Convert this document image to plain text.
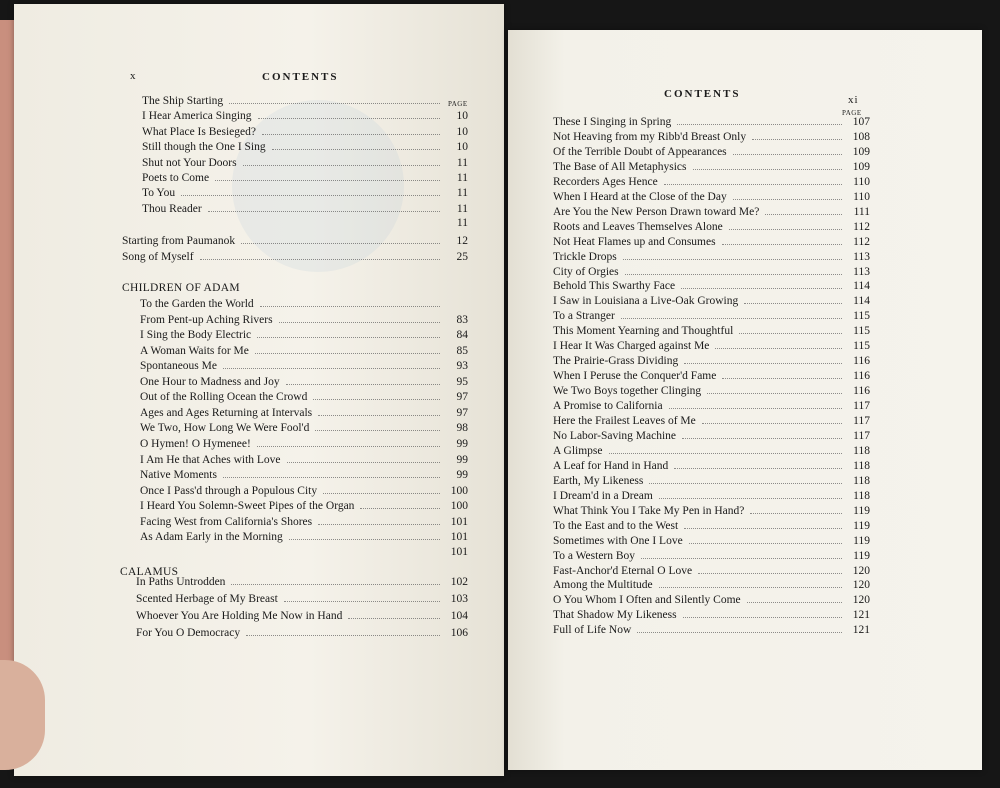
x	CONTENTS
PAGE
The Ship Starting
I Hear America Singing	10
What Place Is Besieged?	10
Still though the One I Sing	10
Shut not Your Doors	11
Poets to Come	11
To You	11
Thou Reader	11
11
Starting from Paumanok	12
Song of Myself	25
CHILDREN OF ADAM
To the Garden the World
From Pent-up Aching Rivers	83
I Sing the Body Electric	84
A Woman Waits for Me	85
Spontaneous Me	93
One Hour to Madness and Joy	95
Out of the Rolling Ocean the Crowd	97
Ages and Ages Returning at Intervals	97
We Two, How Long We Were Fool'd	98
O Hymen! O Hymenee!	99
I Am He that Aches with Love	99
Native Moments	99
Once I Pass'd through a Populous City	100
I Heard You Solemn-Sweet Pipes of the Organ	100
Facing West from California's Shores	101
As Adam Early in the Morning	101
101
CALAMUS
In Paths Untrodden	102
Scented Herbage of My Breast	103
Whoever You Are Holding Me Now in Hand	104
For You O Democracy	106
CONTENTS	xi
PAGE
These I Singing in Spring	107
Not Heaving from my Ribb'd Breast Only	108
Of the Terrible Doubt of Appearances	109
The Base of All Metaphysics	109
Recorders Ages Hence	110
When I Heard at the Close of the Day	110
Are You the New Person Drawn toward Me?	111
Roots and Leaves Themselves Alone	112
Not Heat Flames up and Consumes	112
Trickle Drops	113
City of Orgies	113
Behold This Swarthy Face	114
I Saw in Louisiana a Live-Oak Growing	114
To a Stranger	115
This Moment Yearning and Thoughtful	115
I Hear It Was Charged against Me	115
The Prairie-Grass Dividing	116
When I Peruse the Conquer'd Fame	116
We Two Boys together Clinging	116
A Promise to California	117
Here the Frailest Leaves of Me	117
No Labor-Saving Machine	117
A Glimpse	118
A Leaf for Hand in Hand	118
Earth, My Likeness	118
I Dream'd in a Dream	118
What Think You I Take My Pen in Hand?	119
To the East and to the West	119
Sometimes with One I Love	119
To a Western Boy	119
Fast-Anchor'd Eternal O Love	120
Among the Multitude	120
O You Whom I Often and Silently Come	120
That Shadow My Likeness	121
Full of Life Now	121
